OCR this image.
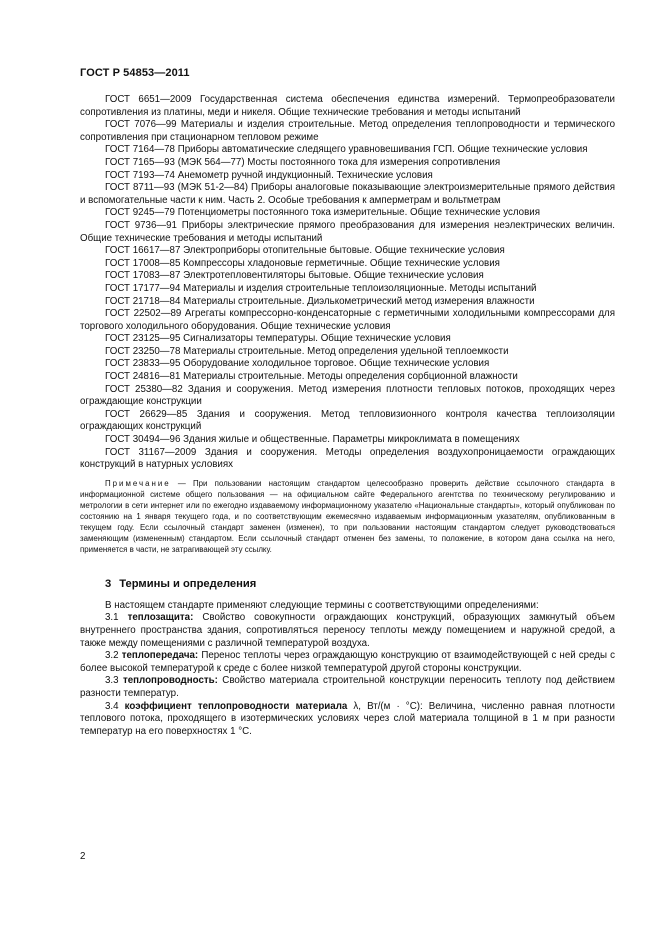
ГОСТ Р 54853—2011

ГОСТ 6651—2009 Государственная система обеспечения единства измерений. Термопреобразователи сопротивления из платины, меди и никеля. Общие технические требования и методы испытаний

ГОСТ 7076—99 Материалы и изделия строительные. Метод определения теплопроводности и термического сопротивления при стационарном тепловом режиме

ГОСТ 7164—78 Приборы автоматические следящего уравновешивания ГСП. Общие технические условия

ГОСТ 7165—93 (МЭК 564—77) Мосты постоянного тока для измерения сопротивления

ГОСТ 7193—74 Анемометр ручной индукционный. Технические условия

ГОСТ 8711—93 (МЭК 51-2—84) Приборы аналоговые показывающие электроизмерительные прямого действия и вспомогательные части к ним. Часть 2. Особые требования к амперметрам и вольтметрам

ГОСТ 9245—79 Потенциометры постоянного тока измерительные. Общие технические условия

ГОСТ 9736—91 Приборы электрические прямого преобразования для измерения неэлектрических величин. Общие технические требования и методы испытаний

ГОСТ 16617—87 Электроприборы отопительные бытовые. Общие технические условия

ГОСТ 17008—85 Компрессоры хладоновые герметичные. Общие технические условия

ГОСТ 17083—87 Электротепловентиляторы бытовые. Общие технические условия

ГОСТ 17177—94 Материалы и изделия строительные теплоизоляционные. Методы испытаний

ГОСТ 21718—84 Материалы строительные. Диэлькометрический метод измерения влажности

ГОСТ 22502—89 Агрегаты компрессорно-конденсаторные с герметичными холодильными компрессорами для торгового холодильного оборудования. Общие технические условия

ГОСТ 23125—95 Сигнализаторы температуры. Общие технические условия

ГОСТ 23250—78 Материалы строительные. Метод определения удельной теплоемкости

ГОСТ 23833—95 Оборудование холодильное торговое. Общие технические условия

ГОСТ 24816—81 Материалы строительные. Методы определения сорбционной влажности

ГОСТ 25380—82 Здания и сооружения. Метод измерения плотности тепловых потоков, проходящих через ограждающие конструкции

ГОСТ 26629—85 Здания и сооружения. Метод тепловизионного контроля качества теплоизоляции ограждающих конструкций

ГОСТ 30494—96 Здания жилые и общественные. Параметры микроклимата в помещениях

ГОСТ 31167—2009 Здания и сооружения. Методы определения воздухопроницаемости ограждающих конструкций в натурных условиях

Примечание — При пользовании настоящим стандартом целесообразно проверить действие ссылочного стандарта в информационной системе общего пользования — на официальном сайте Федерального агентства по техническому регулированию и метрологии в сети интернет или по ежегодно издаваемому информационному указателю «Национальные стандарты», который опубликован по состоянию на 1 января текущего года, и по соответствующим ежемесячно издаваемым информационным указателям, опубликованным в текущем году. Если ссылочный стандарт заменен (изменен), то при пользовании настоящим стандартом следует руководствоваться заменяющим (измененным) стандартом. Если ссылочный стандарт отменен без замены, то положение, в котором дана ссылка на него, применяется в части, не затрагивающей эту ссылку.

3 Термины и определения

В настоящем стандарте применяют следующие термины с соответствующими определениями:

3.1 теплозащита: Свойство совокупности ограждающих конструкций, образующих замкнутый объем внутреннего пространства здания, сопротивляться переносу теплоты между помещением и наружной средой, а также между помещениями с различной температурой воздуха.

3.2 теплопередача: Перенос теплоты через ограждающую конструкцию от взаимодействующей с ней среды с более высокой температурой к среде с более низкой температурой другой стороны конструкции.

3.3 теплопроводность: Свойство материала строительной конструкции переносить теплоту под действием разности температур.

3.4 коэффициент теплопроводности материала λ, Вт/(м · °С): Величина, численно равная плотности теплового потока, проходящего в изотермических условиях через слой материала толщиной в 1 м при разности температур на его поверхностях 1 °С.

2
